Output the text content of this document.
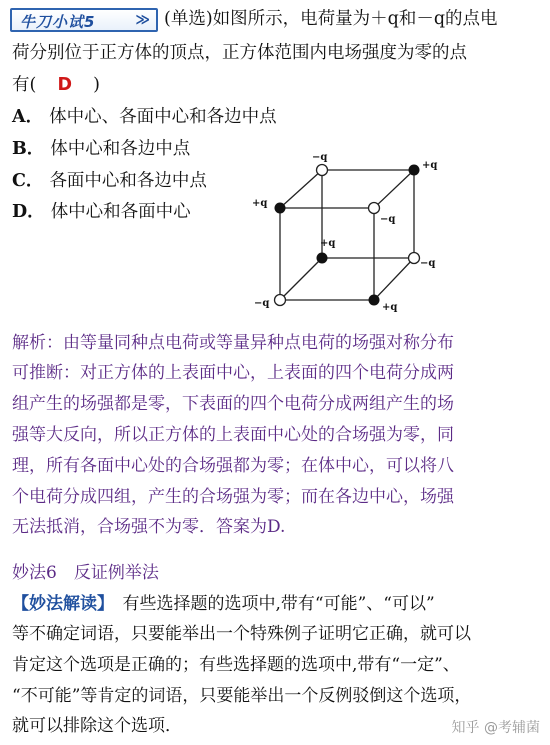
牛刀小试5	≫ (单选)如图所示，电荷量为＋q和－q的点电
荷分别位于正方体的顶点，正方体范围内电场强度为零的点
有( D )
A． 体中心、各面中心和各边中点
B． 体中心和各边中点
C． 各面中心和各边中点
D． 体中心和各面中心
−q
+q
+q
−q
+q
−q
−q	+q
解析：由等量同种点电荷或等量异种点电荷的场强对称分布
可推断：对正方体的上表面中心，上表面的四个电荷分成两
组产生的场强都是零，下表面的四个电荷分成两组产生的场
强等大反向，所以正方体的上表面中心处的合场强为零，同
理，所有各面中心处的合场强都为零；在体中心，可以将八
个电荷分成四组，产生的合场强为零；而在各边中心，场强
无法抵消，合场强不为零．答案为D.
妙法6　反证例举法
【妙法解读】　有些选择题的选项中,带有“可能”、“可以”
等不确定词语，只要能举出一个特殊例子证明它正确，就可以
肯定这个选项是正确的；有些选择题的选项中,带有“一定”、
“不可能”等肯定的词语，只要能举出一个反例驳倒这个选项，
就可以排除这个选项．	知乎 @考辅菌
